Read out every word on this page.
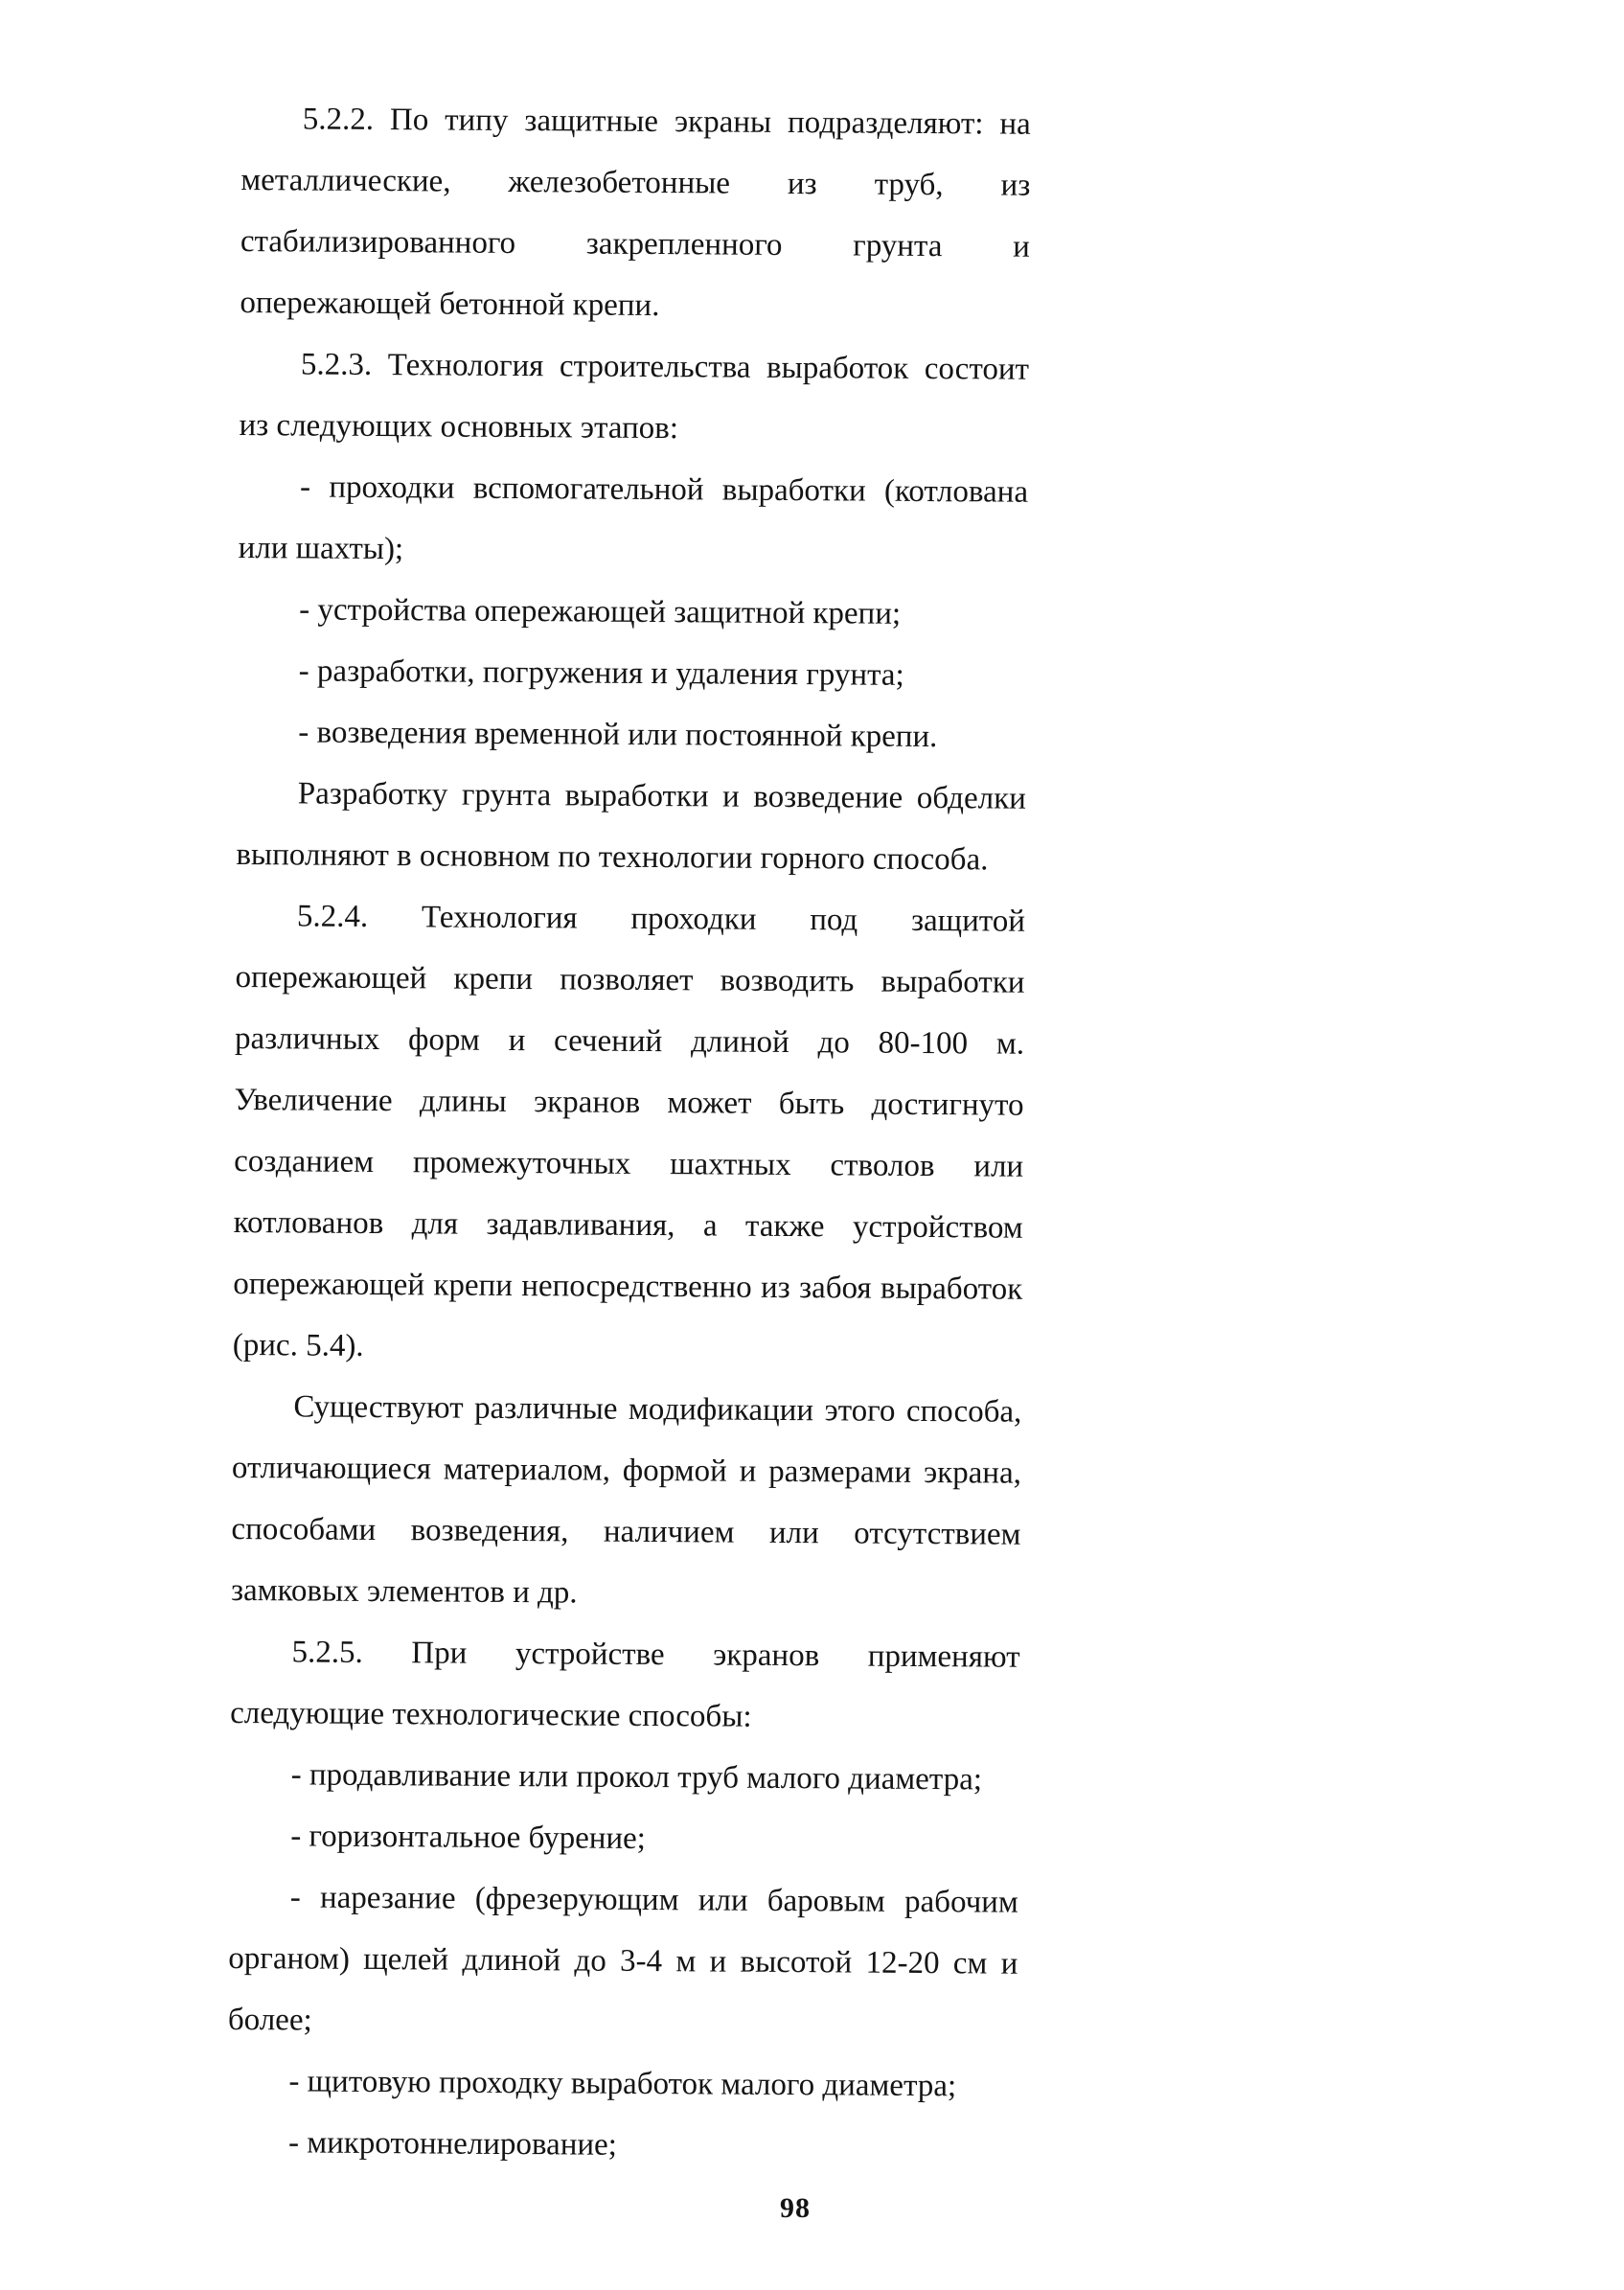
5.2.2. По типу защитные экраны подразделяют: на металлические, железобетонные из труб, из стабилизированного закрепленного грунта и опережающей бетонной крепи.

5.2.3. Технология строительства выработок состоит из следующих основных этапов:

- проходки вспомогательной выработки (котлована или шахты);

- устройства опережающей защитной крепи;

- разработки, погружения и удаления грунта;

- возведения временной или постоянной крепи.

Разработку грунта выработки и возведение обделки выполняют в основном по технологии горного способа.

5.2.4. Технология проходки под защитой опережающей крепи позволяет возводить выработки различных форм и сечений длиной до 80-100 м. Увеличение длины экранов может быть достигнуто созданием промежуточных шахтных стволов или котлованов для задавливания, а также устройством опережающей крепи непосредственно из забоя выработок (рис. 5.4).

Существуют различные модификации этого способа, отличающиеся материалом, формой и размерами экрана, способами возведения, наличием или отсутствием замковых элементов и др.

5.2.5. При устройстве экранов применяют следующие технологические способы:

- продавливание или прокол труб малого диаметра;

- горизонтальное бурение;

- нарезание (фрезерующим или баровым рабочим органом) щелей длиной до 3-4 м и высотой 12-20 см и более;

- щитовую проходку выработок малого диаметра;

- микротоннелирование;

98
